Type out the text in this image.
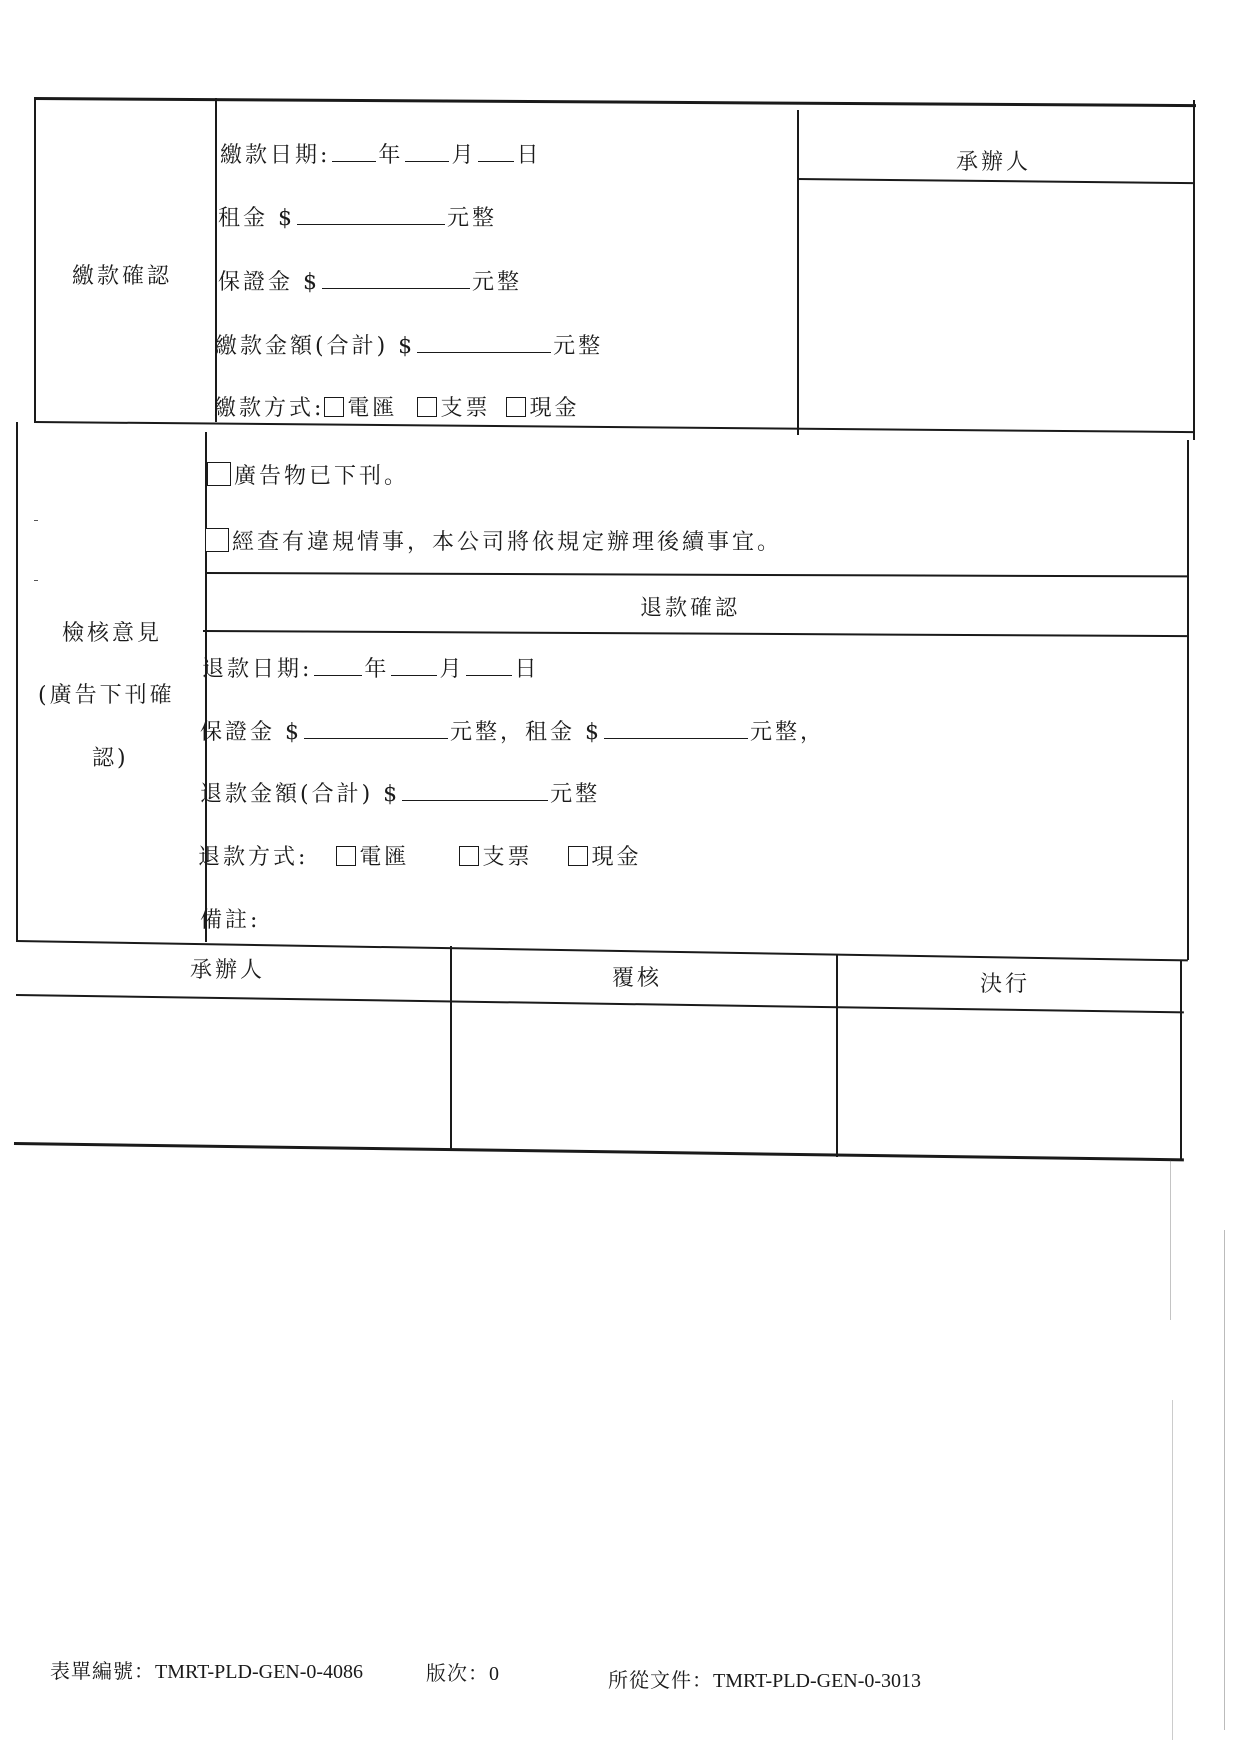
繳款確認
繳款日期: 年 月 日
租金 $	元整
保證金 $	元整
繳款金額(合計) $	元整
繳款方式: 電匯 支票 現金
承辦人
檢核意見
(廣告下刊確
認)
廣告物已下刊。
經查有違規情事，本公司將依規定辦理後續事宜。
退款確認
退款日期: 年 月 日
保證金 $	元整，租金 $	元整，
退款金額(合計) $	元整
退款方式: 電匯	支票	現金
備註:
承辦人	覆核	決行
表單編號：TMRT-PLD-GEN-0-4086	版次：0	所從文件：TMRT-PLD-GEN-0-3013
